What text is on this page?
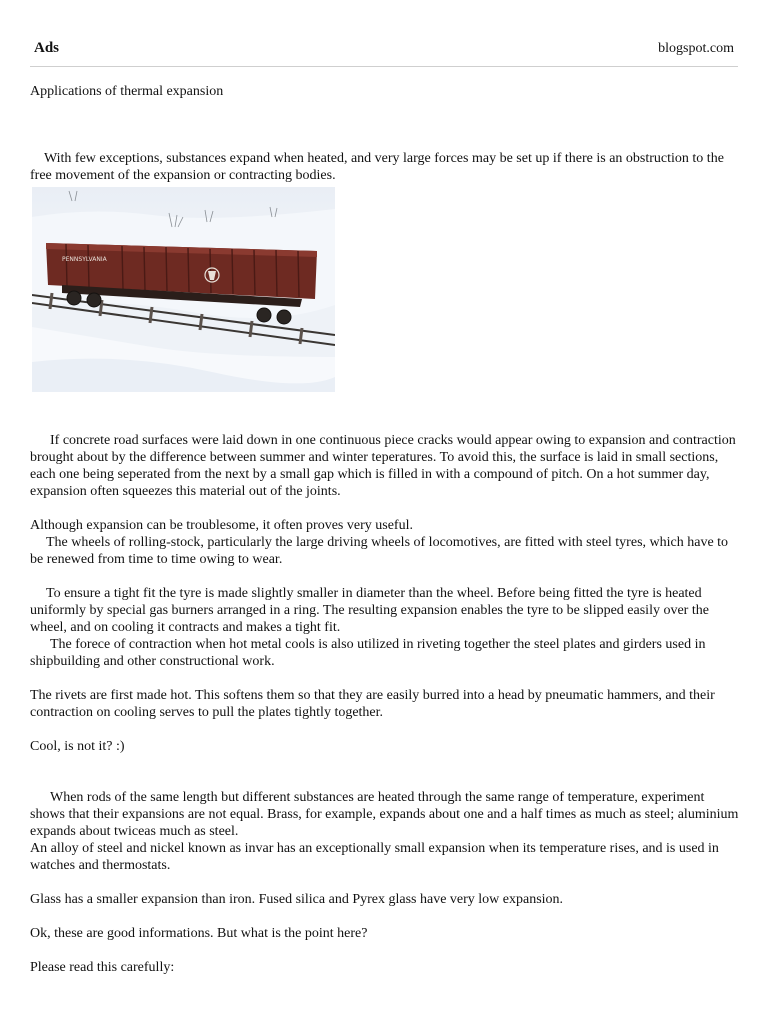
Ads	blogspot.com

Applications of thermal expansion

With few exceptions, substances expand when heated, and very large forces may be set up if there is an obstruction to the free movement of the expansion or contracting bodies.

PENNSYLVANIA

If concrete road surfaces were laid down in one continuous piece cracks would appear owing to expansion and contraction brought about by the difference between summer and winter teperatures. To avoid this, the surface is laid in small sections, each one being seperated from the next by a small gap which is filled in with a compound of pitch. On a hot summer day, expansion often squeezes this material out of the joints.

Although expansion can be troublesome, it often proves very useful.

The wheels of rolling-stock, particularly the large driving wheels of locomotives, are fitted with steel tyres, which have to be renewed from time to time owing to wear.

To ensure a tight fit the tyre is made slightly smaller in diameter than the wheel. Before being fitted the tyre is heated uniformly by special gas burners arranged in a ring. The resulting expansion enables the tyre to be slipped easily over the wheel, and on cooling it contracts and makes a tight fit.

The forece of contraction when hot metal cools is also utilized in riveting together the steel plates and girders used in shipbuilding and other constructional work.

The rivets are first made hot. This softens them so that they are easily burred into a head by pneumatic hammers, and their contraction on cooling serves to pull the plates tightly together.

Cool, is not it? :)

When rods of the same length but different substances are heated through the same range of temperature, experiment shows that their expansions are not equal. Brass, for example, expands about one and a half times as much as steel; aluminium expands about twiceas much as steel.

An alloy of steel and nickel known as invar has an exceptionally small expansion when its temperature rises, and is used in watches and thermostats.

Glass has a smaller expansion than iron. Fused silica and Pyrex glass have very low expansion.

Ok, these are good informations. But what is the point here?

Please read this carefully:
